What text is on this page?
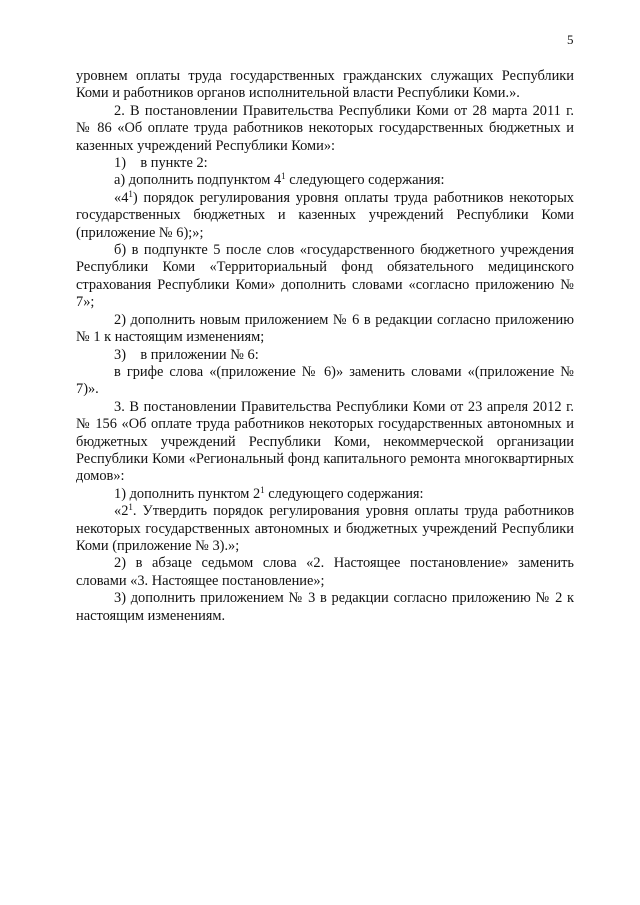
5

уровнем оплаты труда государственных гражданских служащих Республики Коми и работников органов исполнительной власти Республики Коми.».

2. В постановлении Правительства Республики Коми от 28 марта 2011 г. № 86 «Об оплате труда работников некоторых государственных бюджетных и казенных учреждений Республики Коми»:

1)    в пункте 2:

а) дополнить подпунктом $4^1$ следующего содержания:

«$4^1$) порядок регулирования уровня оплаты труда работников некоторых государственных бюджетных и казенных учреждений Республики Коми (приложение № 6);»;

б) в подпункте 5 после слов «государственного бюджетного учреждения Республики Коми «Территориальный фонд обязательного медицинского страхования Республики Коми» дополнить словами «согласно приложению № 7»;

2) дополнить новым приложением № 6 в редакции согласно приложению № 1 к настоящим изменениям;

3)    в приложении № 6:

в грифе слова «(приложение № 6)» заменить словами «(приложение № 7)».

3. В постановлении Правительства Республики Коми от 23 апреля 2012 г. № 156 «Об оплате труда работников некоторых государственных автономных и бюджетных учреждений Республики Коми, некоммерческой организации Республики Коми «Региональный фонд капитального ремонта многоквартирных домов»:

1) дополнить пунктом $2^1$ следующего содержания:

«$2^1$. Утвердить порядок регулирования уровня оплаты труда работников некоторых государственных автономных и бюджетных учреждений Республики Коми (приложение № 3).»;

2) в абзаце седьмом слова «2. Настоящее постановление» заменить словами «3. Настоящее постановление»;

3) дополнить приложением № 3 в редакции согласно приложению № 2 к настоящим изменениям.
